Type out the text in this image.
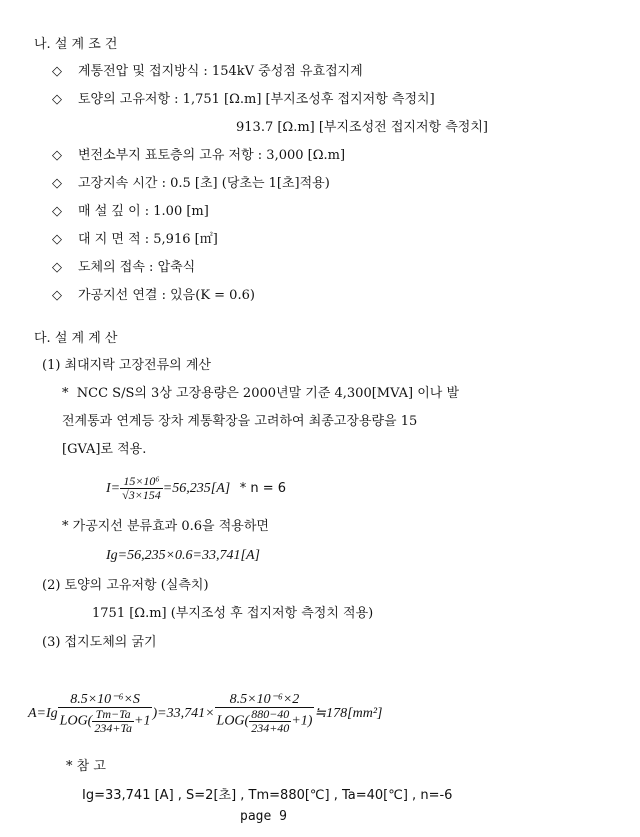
나. 설 계 조 건
◇ 계통전압 및 접지방식 : 154kV 중성점 유효접지계
◇ 토양의 고유저항 : 1,751 [Ω.m] [부지조성후 접지저항 측정치]
913.7 [Ω.m] [부지조성전 접지저항 측정치]
◇ 변전소부지 표토층의 고유 저항 : 3,000 [Ω.m]
◇ 고장지속 시간 : 0.5 [초] (당초는 1[초]적용)
◇ 매 설 깊 이 : 1.00 [m]
◇ 대 지 면 적 : 5,916 [㎡]
◇ 도체의 접속 : 압축식
◇ 가공지선 연결 : 있음(K = 0.6)
다. 설 계 계 산
(1) 최대지락 고장전류의 계산
* NCC S/S의 3상 고장용량은 2000년말 기준 4,300[MVA] 이나 발
전계통과 연계등 장차 계통확장을 고려하여 최종고장용량을 15
[GVA]로 적용.
$I= \frac{\text{15×10⁶}}{√3\times 154} =56,235[A] * n = 6$
* 가공지선 분류효과 0.6을 적용하면
Ig=56,235×0.6=33,741[A]
(2) 토양의 고유저항 (실측치)
1751 [Ω.m] (부지조성 후 접지저항 측정치 적용)
(3) 접지도체의 굵기
$A=Ig \frac{\text{8.5×10⁻⁶×S}}{LOG( \frac{Tm-Ta}{234+Ta} +1} )=33,741\times \frac{\text{8.5×10⁻⁶×2}}{LOG( \frac{880-40}{234+40} +1)}$ ≒178[mm²]
* 참 고
Ig=33,741 [A] , S=2[초] , Tm=880[℃] , Ta=40[℃] , n=-6
page 9
